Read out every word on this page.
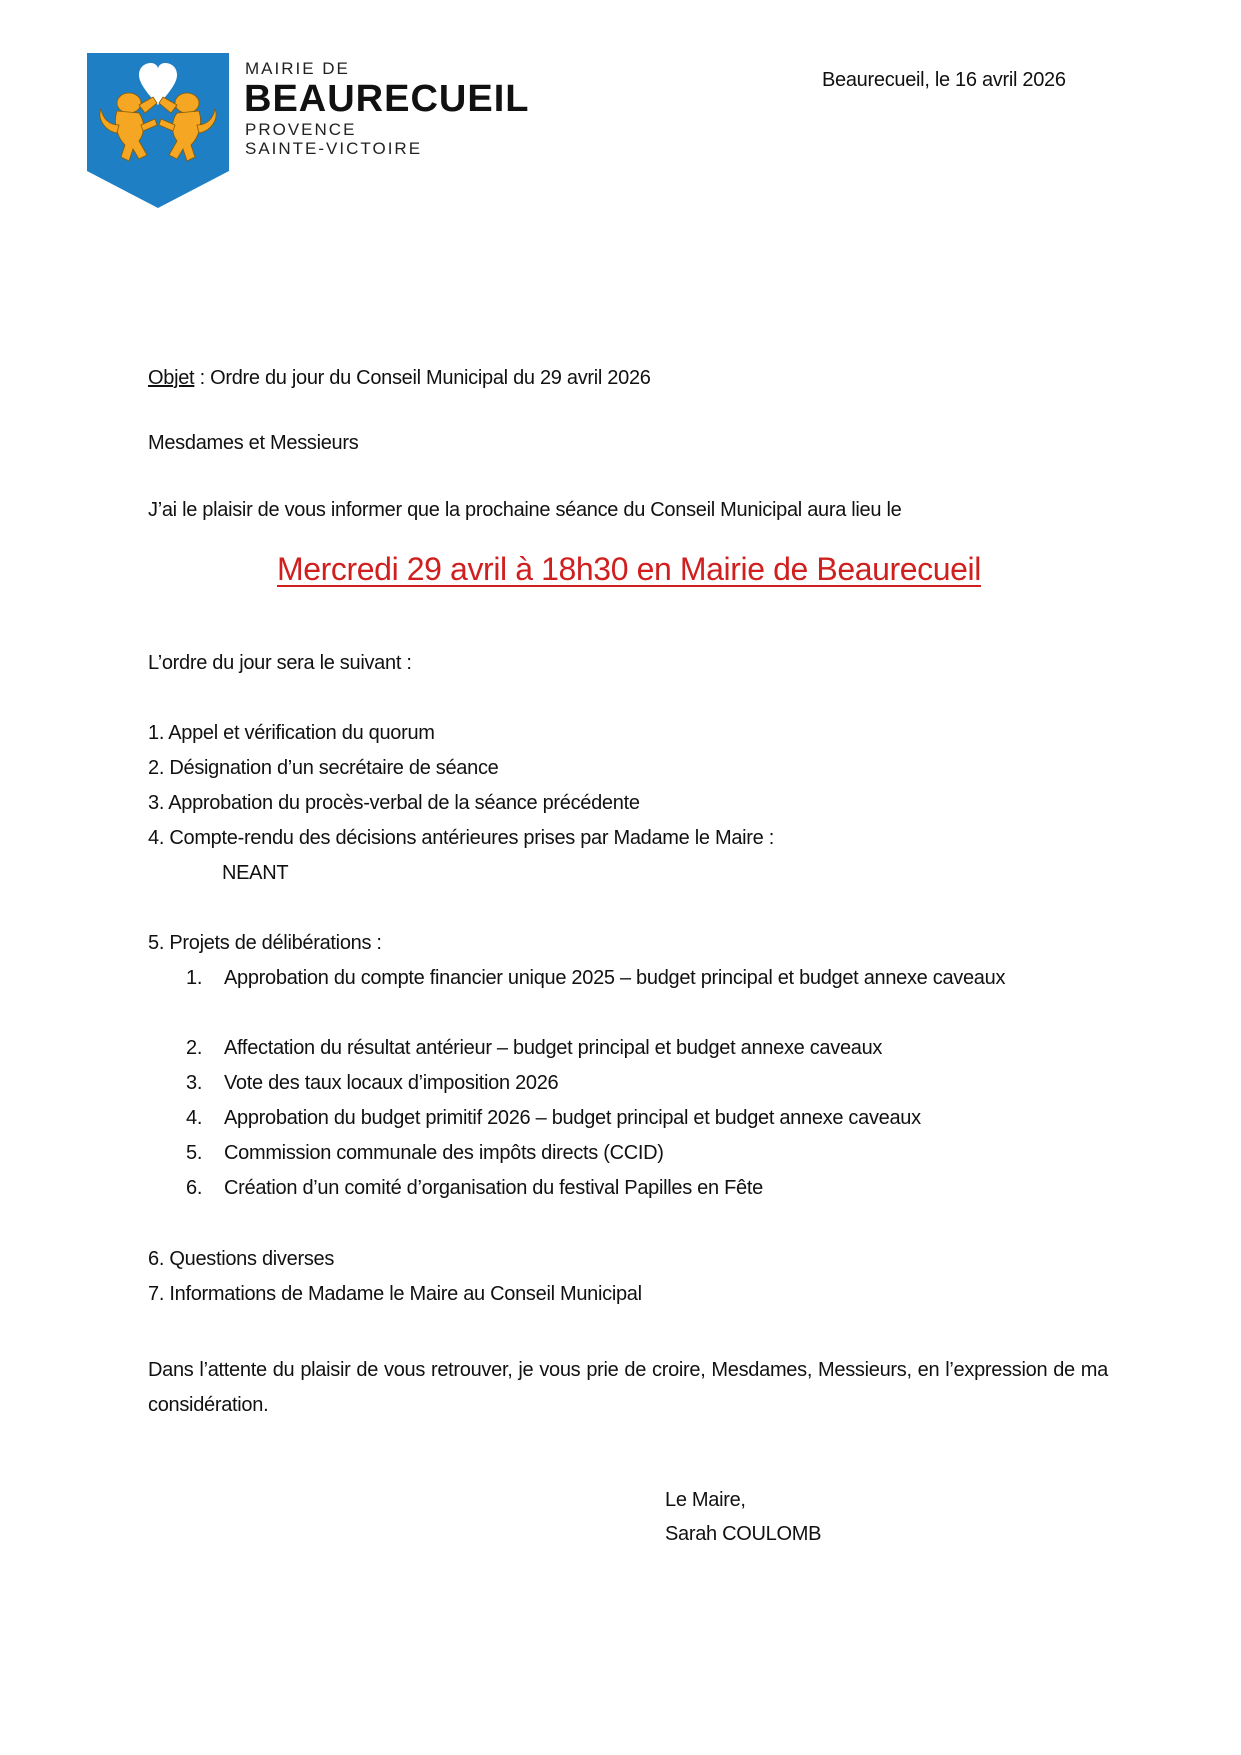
MAIRIE DE
BEAURECUEIL
PROVENCE
SAINTE-VICTOIRE
Beaurecueil, le 16 avril 2026
Objet : Ordre du jour du Conseil Municipal du 29 avril 2026
Mesdames et Messieurs
J’ai le plaisir de vous informer que la prochaine séance du Conseil Municipal aura lieu le
Mercredi 29 avril à 18h30 en Mairie de Beaurecueil
L’ordre du jour sera le suivant :
1. Appel et vérification du quorum
2. Désignation d’un secrétaire de séance
3. Approbation du procès-verbal de la séance précédente
4. Compte-rendu des décisions antérieures prises par Madame le Maire :
NEANT
5. Projets de délibérations :
1. Approbation du compte financier unique 2025 – budget principal et budget annexe caveaux
2. Affectation du résultat antérieur – budget principal et budget annexe caveaux
3. Vote des taux locaux d’imposition 2026
4. Approbation du budget primitif 2026 – budget principal et budget annexe caveaux
5. Commission communale des impôts directs (CCID)
6. Création d’un comité d’organisation du festival Papilles en Fête
6. Questions diverses
7. Informations de Madame le Maire au Conseil Municipal
Dans l’attente du plaisir de vous retrouver, je vous prie de croire, Mesdames, Messieurs, en l’expression de ma considération.
Le Maire,
Sarah COULOMB
